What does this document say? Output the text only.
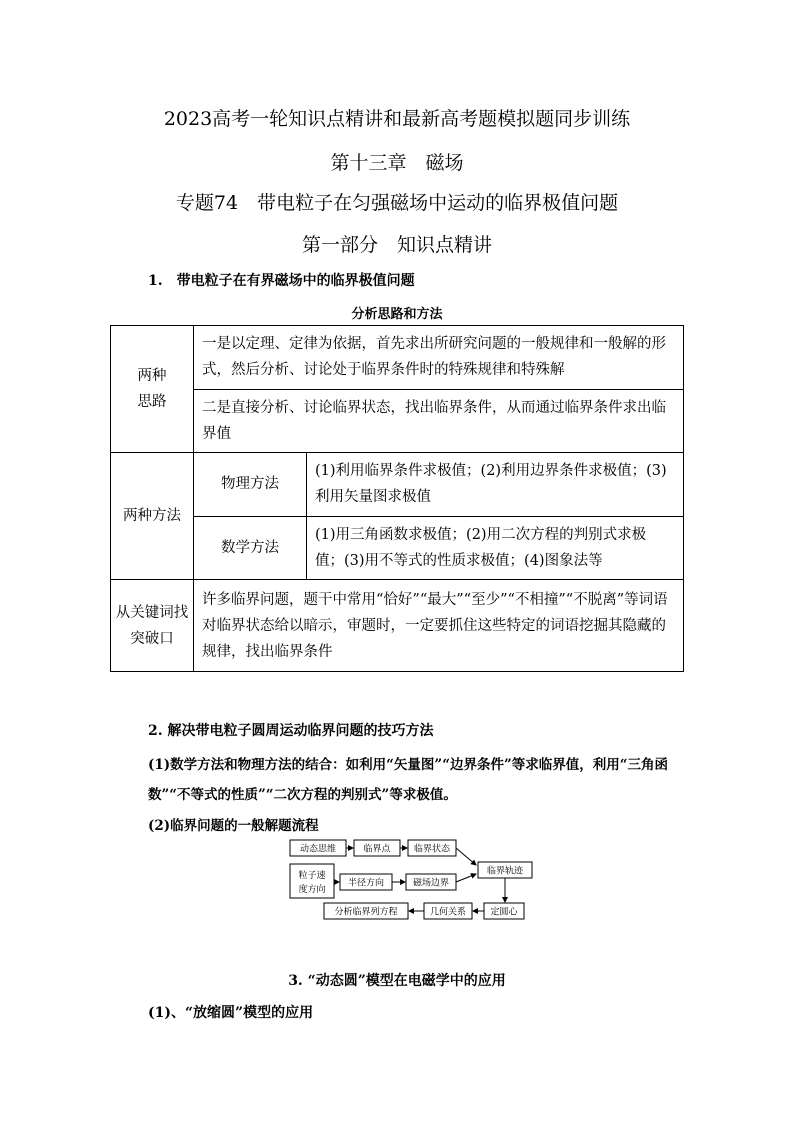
2023高考一轮知识点精讲和最新高考题模拟题同步训练
第十三章　磁场
专题74　带电粒子在匀强磁场中运动的临界极值问题
第一部分　知识点精讲
1.　带电粒子在有界磁场中的临界极值问题
分析思路和方法
两种
思路	一是以定理、定律为依据，首先求出所研究问题的一般规律和一般解的形式，然后分析、讨论处于临界条件时的特殊规律和特殊解	
	二是直接分析、讨论临界状态，找出临界条件，从而通过临界条件求出临界值	
两种方法	物理方法	(1)利用临界条件求极值；(2)利用边界条件求极值；(3)利用矢量图求极值
	数学方法	(1)用三角函数求极值；(2)用二次方程的判别式求极值；(3)用不等式的性质求极值；(4)图象法等
从关键词找
突破口	许多临界问题，题干中常用“恰好”“最大”“至少”“不相撞”“不脱离”等词语对临界状态给以暗示，审题时，一定要抓住这些特定的词语挖掘其隐藏的规律，找出临界条件	
2. 解决带电粒子圆周运动临界问题的技巧方法
(1)数学方法和物理方法的结合：如利用“矢量图”“边界条件”等求临界值，利用“三角函数”“不等式的性质”“二次方程的判别式”等求极值。
(2)临界问题的一般解题流程
动态思维	临界点	临界状态
粒子速
度方向
半径方向	磁场边界
临界轨迹
定圆心
几何关系
分析临界列方程
3. “动态圆”模型在电磁学中的应用
(1)、“放缩圆”模型的应用
